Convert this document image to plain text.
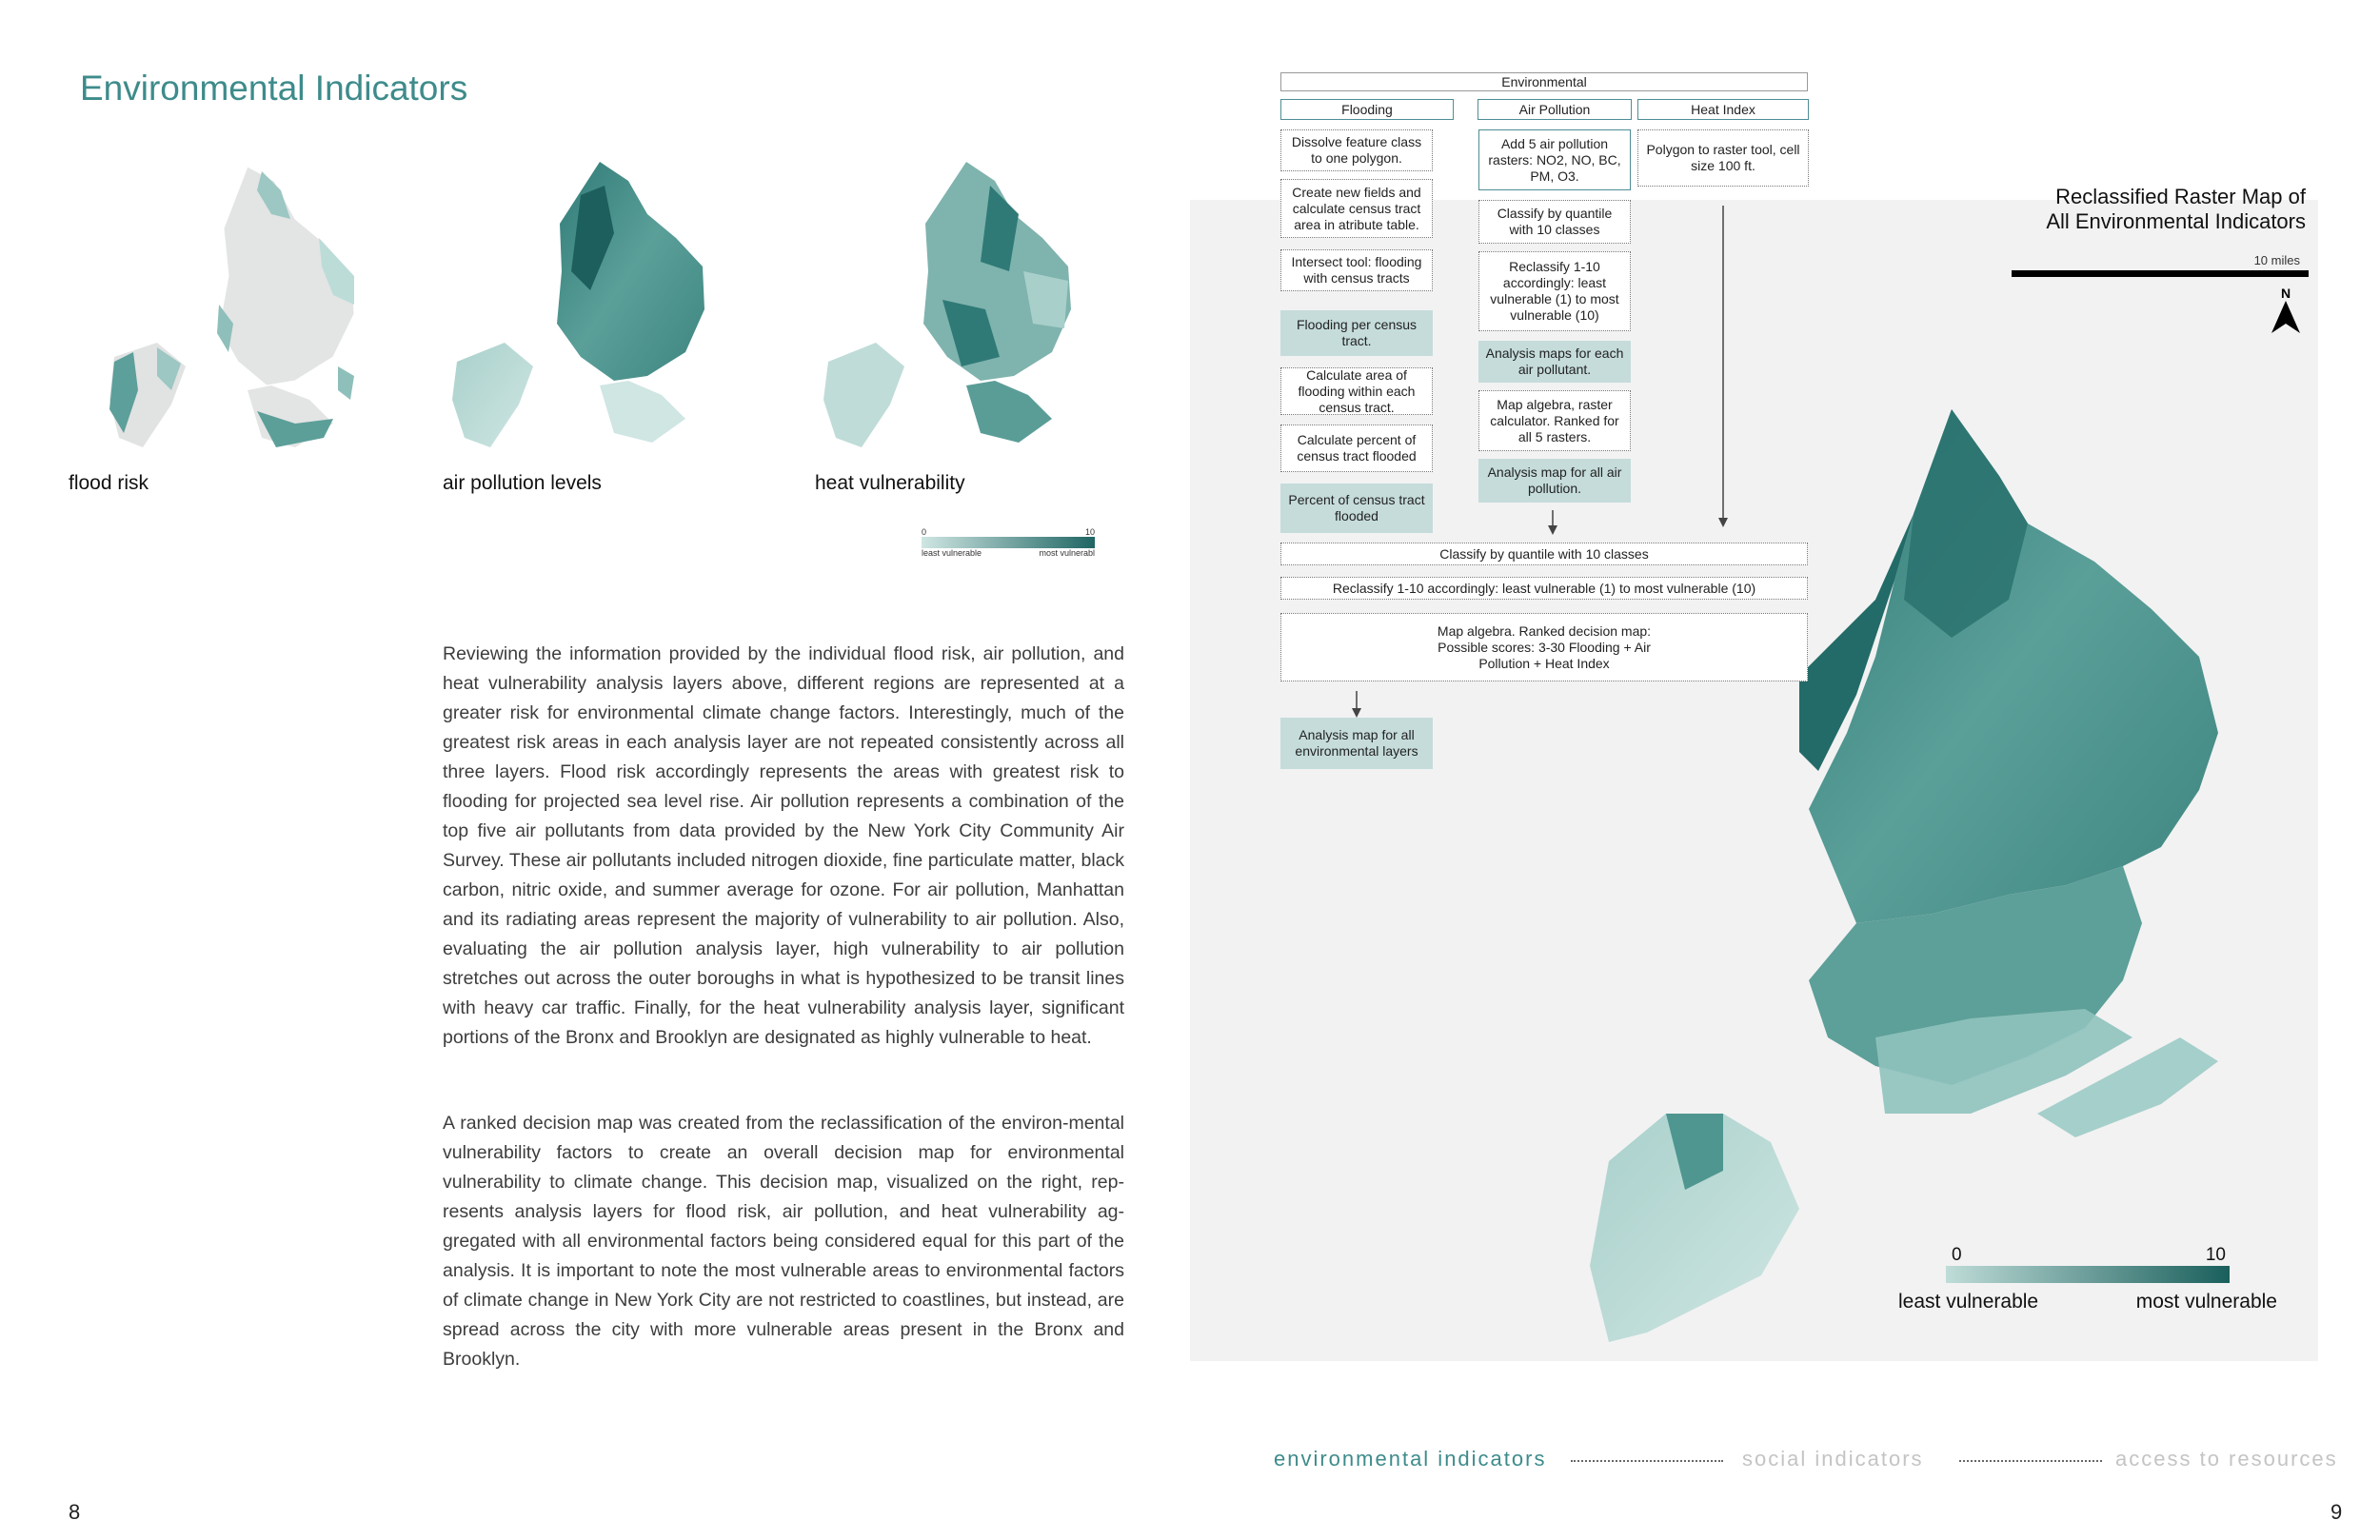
Environmental Indicators
flood risk	air pollution levels	heat vulnerability
0	10
least vulnerable	most vulnerabl
Reviewing the information provided by the individual flood risk, air pollution, and heat vulnerability analysis layers above, different regions are represented at a greater risk for environmental climate change factors. Interestingly, much of the greatest risk areas in each analysis layer are not repeated consistently across all three layers. Flood risk accordingly represents the areas with greatest risk to flooding for projected sea level rise. Air pollution represents a combination of the top five air pollutants from data provided by the New York City Community Air Survey. These air pollutants included nitrogen dioxide, fine particulate matter, black carbon, nitric oxide, and summer average for ozone. For air pollution, Manhattan and its radiating areas represent the majority of vulnerability to air pollution. Also, evaluating the air pollution analysis layer, high vulnerability to air pollution stretches out across the outer boroughs in what is hypothesized to be transit lines with heavy car traffic. Finally, for the heat vulnerability analysis layer, significant portions of the Bronx and Brooklyn are designated as highly vulnerable to heat.
A ranked decision map was created from the reclassification of the environ-mental vulnerability factors to create an overall decision map for environmental vulnerability to climate change. This decision map, visualized on the right, rep-resents analysis layers for flood risk, air pollution, and heat vulnerability ag-gregated with all environmental factors being considered equal for this part of the analysis. It is important to note the most vulnerable areas to environmental factors of climate change in New York City are not restricted to coastlines, but instead, are spread across the city with more vulnerable areas present in the Bronx and Brooklyn.
8
Reclassified Raster Map of
All Environmental Indicators
10 miles
N
Environmental
Flooding	Air Pollution	Heat Index
Dissolve feature class to one polygon.
Create new fields and calculate census tract area in atribute table.
Intersect tool: flooding with census tracts
Flooding per census tract.
Calculate area of flooding within each census tract.
Calculate percent of census tract flooded
Percent of census tract flooded
Add 5 air pollution rasters: NO2, NO, BC, PM, O3.
Classify by quantile with 10 classes
Reclassify 1-10 accordingly: least vulnerable (1) to most vulnerable (10)
Analysis maps for each air pollutant.
Map algebra, raster calculator. Ranked for all 5 rasters.
Analysis map for all air pollution.
Polygon to raster tool, cell size 100 ft.
Classify by quantile with 10 classes
Reclassify 1-10 accordingly: least vulnerable (1) to most vulnerable (10)
Map algebra. Ranked decision map: Possible scores: 3-30 Flooding + Air Pollution + Heat Index
Analysis map for all environmental layers
0	10
least vulnerable	most vulnerable
environmental indicators	social indicators	access to resources
9
